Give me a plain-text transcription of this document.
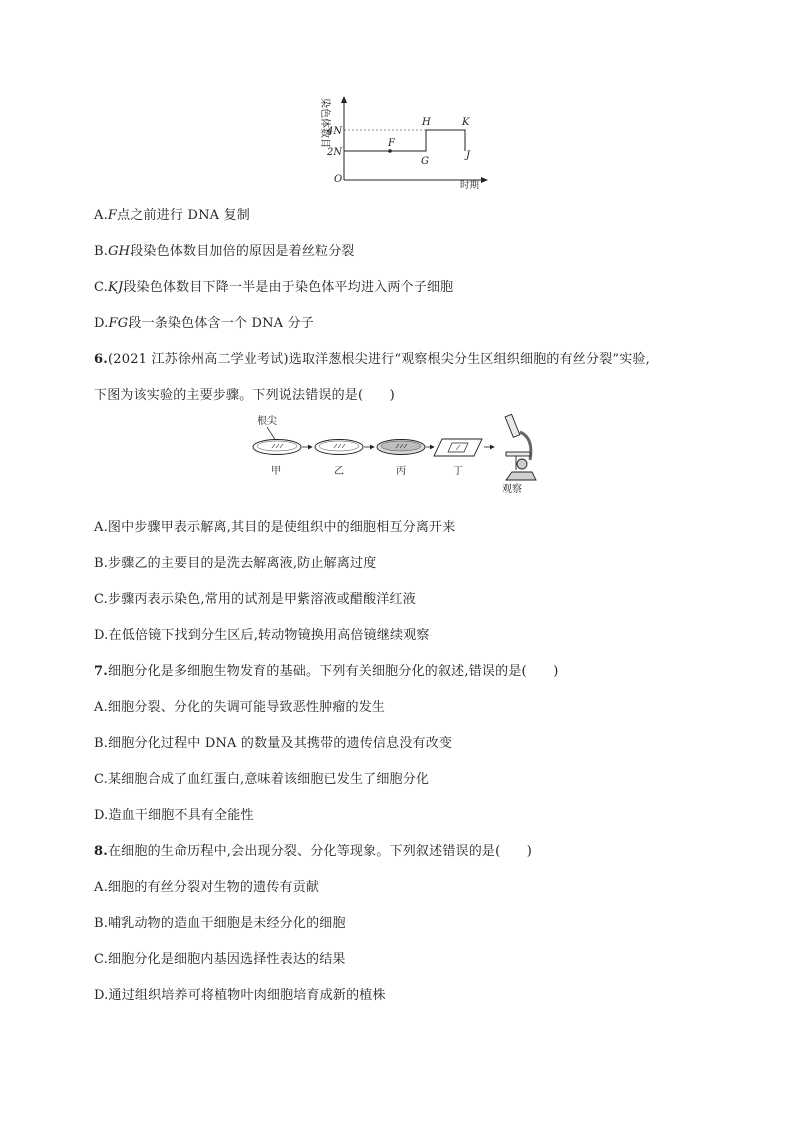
染色体数目
4N
2N
O
F
G
H	K
J
时期
A.F点之前进行 DNA 复制
B.GH段染色体数目加倍的原因是着丝粒分裂
C.KJ段染色体数目下降一半是由于染色体平均进入两个子细胞
D.FG段一条染色体含一个 DNA 分子
6.(2021 江苏徐州高二学业考试)选取洋葱根尖进行“观察根尖分生区组织细胞的有丝分裂”实验,
下图为该实验的主要步骤。下列说法错误的是(　　)
根尖
甲	乙	丙	丁
观察
A.图中步骤甲表示解离,其目的是使组织中的细胞相互分离开来
B.步骤乙的主要目的是洗去解离液,防止解离过度
C.步骤丙表示染色,常用的试剂是甲紫溶液或醋酸洋红液
D.在低倍镜下找到分生区后,转动物镜换用高倍镜继续观察
7.细胞分化是多细胞生物发育的基础。下列有关细胞分化的叙述,错误的是(　　)
A.细胞分裂、分化的失调可能导致恶性肿瘤的发生
B.细胞分化过程中 DNA 的数量及其携带的遗传信息没有改变
C.某细胞合成了血红蛋白,意味着该细胞已发生了细胞分化
D.造血干细胞不具有全能性
8.在细胞的生命历程中,会出现分裂、分化等现象。下列叙述错误的是(　　)
A.细胞的有丝分裂对生物的遗传有贡献
B.哺乳动物的造血干细胞是未经分化的细胞
C.细胞分化是细胞内基因选择性表达的结果
D.通过组织培养可将植物叶肉细胞培育成新的植株
